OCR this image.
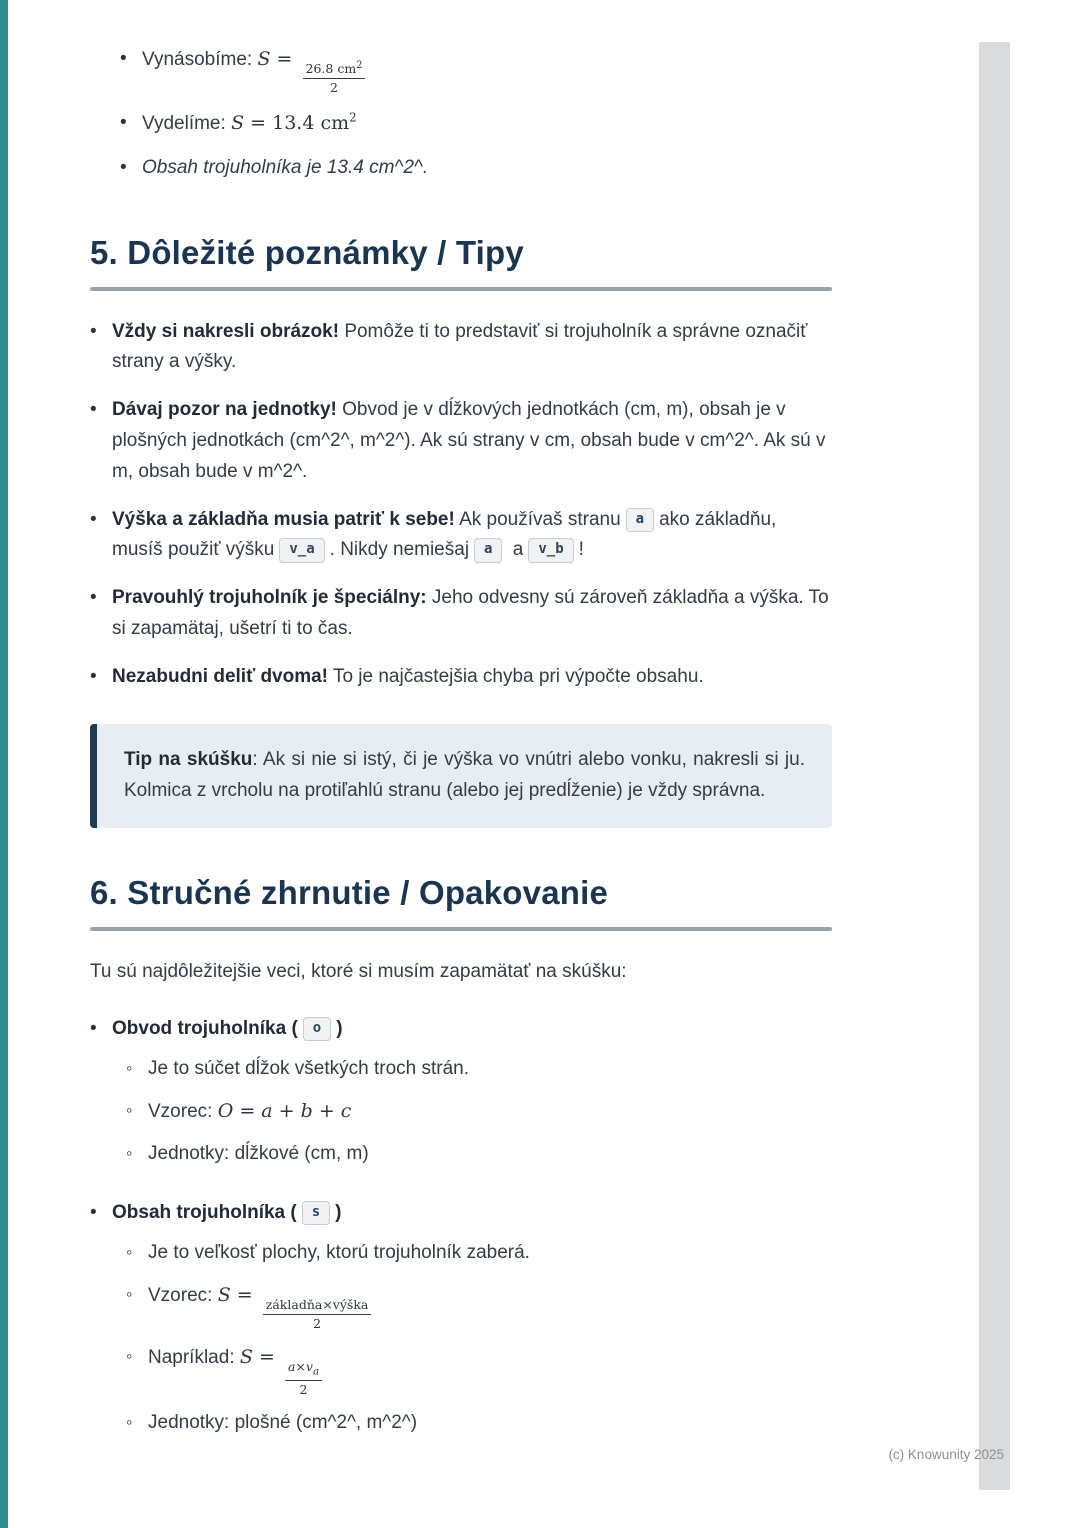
•
Vynásobíme: S =
$\frac{26.8 cm^2}{2}$
•
Vydelíme: S = 13.4 $cm^2$
•
Obsah trojuholníka je 13.4 cm^2^.
5. Dôležité poznámky / Tipy
•
Vždy si nakresli obrázok! Pomôže ti to predstaviť si trojuholník a správne označiť strany a výšky.
•
Dávaj pozor na jednotky! Obvod je v dĺžkových jednotkách (cm, m), obsah je v plošných jednotkách (cm^2^, m^2^). Ak sú strany v cm, obsah bude v cm^2^. Ak sú v m, obsah bude v m^2^.
•
Výška a základňa musia patriť k sebe! Ak používaš stranu a ako základňu, musíš použiť výšku v_a . Nikdy nemiešaj a a v_b !
•
Pravouhlý trojuholník je špeciálny: Jeho odvesny sú zároveň základňa a výška. To si zapamätaj, ušetrí ti to čas.
•
Nezabudni deliť dvoma! To je najčastejšia chyba pri výpočte obsahu.
Tip na skúšku: Ak si nie si istý, či je výška vo vnútri alebo vonku, nakresli si ju. Kolmica z vrcholu na protiľahlú stranu (alebo jej predĺženie) je vždy správna.
6. Stručné zhrnutie / Opakovanie

Tu sú najdôležitejšie veci, ktoré si musím zapamätať na skúšku:

•
Obvod trojuholníka ( o )
◦
Je to súčet dĺžok všetkých troch strán.
◦
Vzorec: O = a + b + c
◦
Jednotky: dĺžkové (cm, m)
•
Obsah trojuholníka ( s )
◦
Je to veľkosť plochy, ktorú trojuholník zaberá.
◦
Vzorec: S =
$\frac{\text{základňa×výška}}{2}$
◦
Napríklad: S =
$\frac{a\times v_a}{2}$
◦
Jednotky: plošné (cm^2^, m^2^)
(c) Knowunity 2025
